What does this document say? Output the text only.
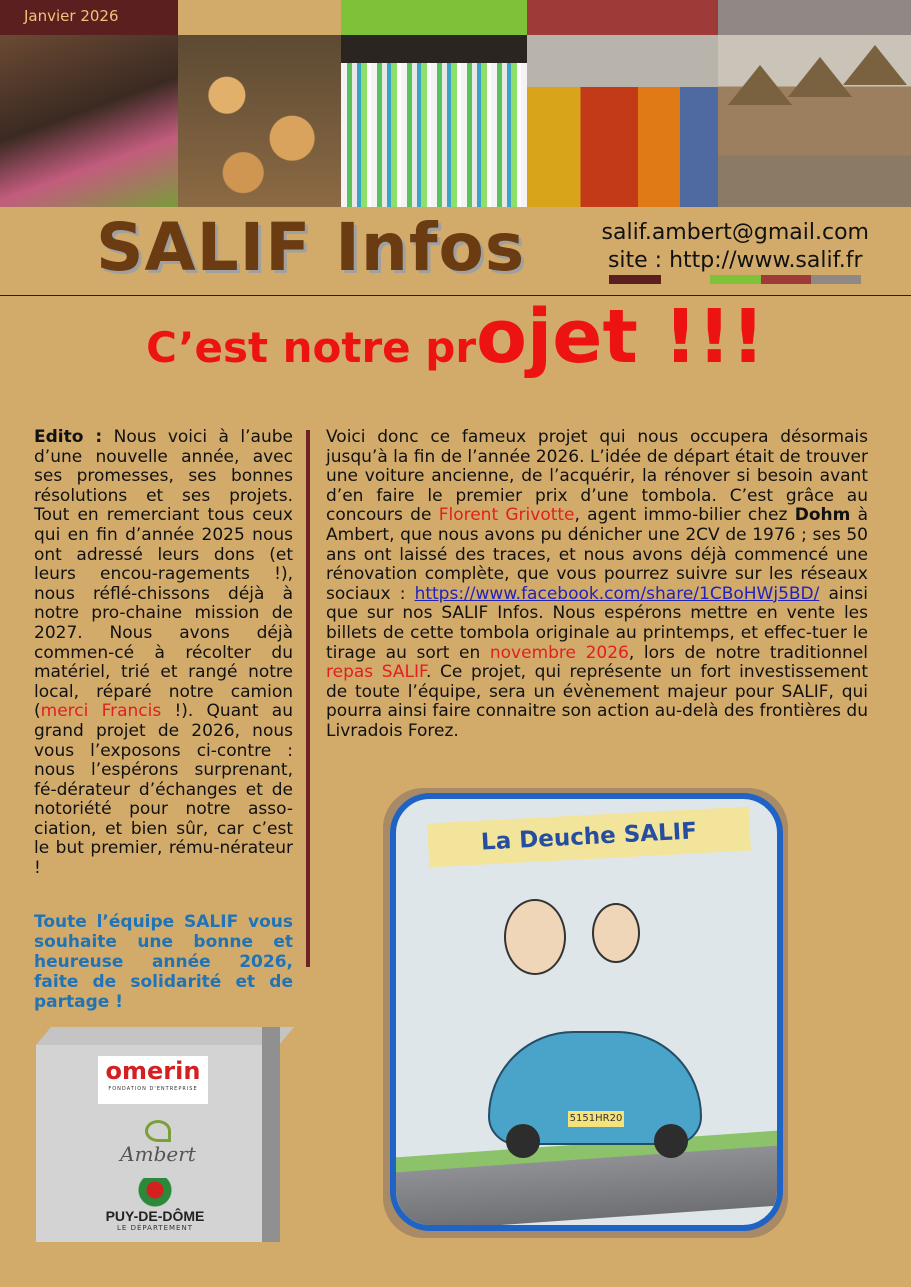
Janvier 2026
SALIF Infos	salif.ambert@gmail.com
site : http://www.salif.fr
C’est notre projet !!!
Edito : Nous voici à l’aube d’une nouvelle année, avec ses promesses, ses bonnes résolutions et ses projets. Tout en remerciant tous ceux qui en fin d’année 2025 nous ont adressé leurs dons (et leurs encou-ragements !), nous réflé-chissons déjà à notre pro-chaine mission de 2027. Nous avons déjà commen-cé à récolter du matériel, trié et rangé notre local, réparé notre camion (merci Francis !). Quant au grand projet de 2026, nous vous l’exposons ci-contre : nous l’espérons surprenant, fé-dérateur d’échanges et de notoriété pour notre asso-ciation, et bien sûr, car c’est le but premier, rému-nérateur !
Toute l’équipe SALIF vous souhaite une bonne et heureuse année 2026, faite de solidarité et de partage !
Voici donc ce fameux projet qui nous occupera désormais jusqu’à la fin de l’année 2026. L’idée de départ était de trouver une voiture ancienne, de l’acquérir, la rénover si besoin avant d’en faire le premier prix d’une tombola. C’est grâce au concours de Florent Grivotte, agent immo-bilier chez Dohm à Ambert, que nous avons pu dénicher une 2CV de 1976 ; ses 50 ans ont laissé des traces, et nous avons déjà commencé une rénovation complète, que vous pourrez suivre sur les réseaux sociaux : https://www.facebook.com/share/1CBoHWj5BD/ ainsi que sur nos SALIF Infos. Nous espérons mettre en vente les billets de cette tombola originale au printemps, et effec-tuer le tirage au sort en novembre 2026, lors de notre traditionnel repas SALIF. Ce projet, qui représente un fort investissement de toute l’équipe, sera un évènement majeur pour SALIF, qui pourra ainsi faire connaitre son action au-delà des frontières du Livradois Forez.
La Deuche SALIF
5151HR20
omerin
FONDATION D'ENTREPRISE
Ambert
PUY-DE-DÔME
LE DÉPARTEMENT
